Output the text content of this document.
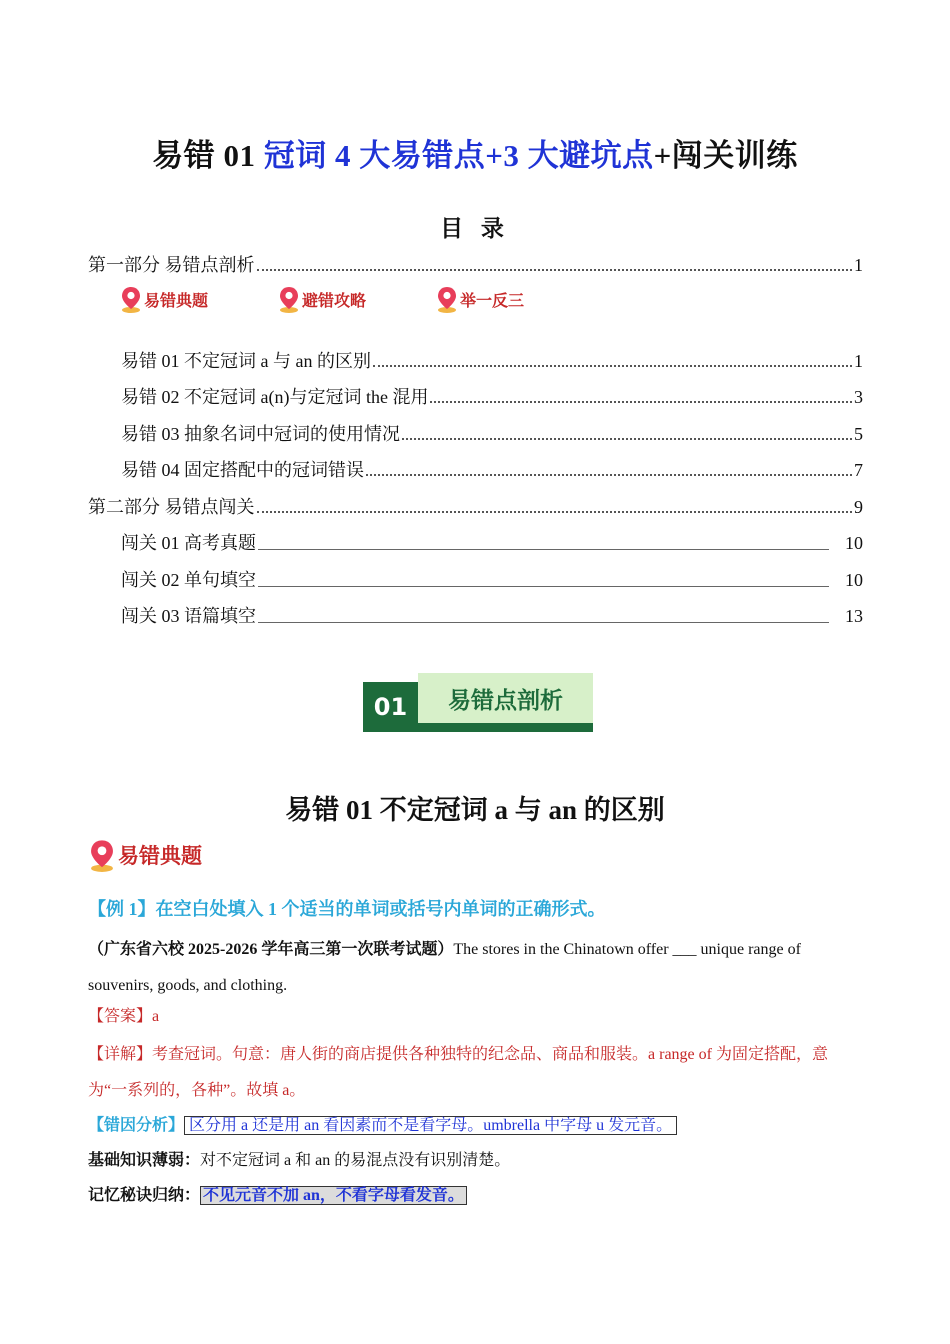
易错 01 冠词 4 大易错点+3 大避坑点+闯关训练
目 录
第一部分 易错点剖析	1
易错典题	避错攻略	举一反三
易错 01 不定冠词 a 与 an 的区别	1
易错 02 不定冠词 a(n)与定冠词 the 混用	3
易错 03 抽象名词中冠词的使用情况	5
易错 04 固定搭配中的冠词错误	7
第二部分 易错点闯关	9
闯关 01 高考真题	10
闯关 02 单句填空	10
闯关 03 语篇填空	13
易错点剖析
01
易错 01 不定冠词 a 与 an 的区别
易错典题
【例 1】在空白处填入 1 个适当的单词或括号内单词的正确形式。
（广东省六校 2025-2026 学年高三第一次联考试题）The stores in the Chinatown offer ___ unique range of souvenirs, goods, and clothing.
【答案】a
【详解】考查冠词。句意：唐人街的商店提供各种独特的纪念品、商品和服装。a range of 为固定搭配，意为“一系列的，各种”。故填 a。
【错因分析】 区分用 a 还是用 an 看因素而不是看字母。umbrella 中字母 u 发元音。
基础知识薄弱：对不定冠词 a 和 an 的易混点没有识别清楚。
记忆秘诀归纳： 不见元音不加 an，不看字母看发音。
